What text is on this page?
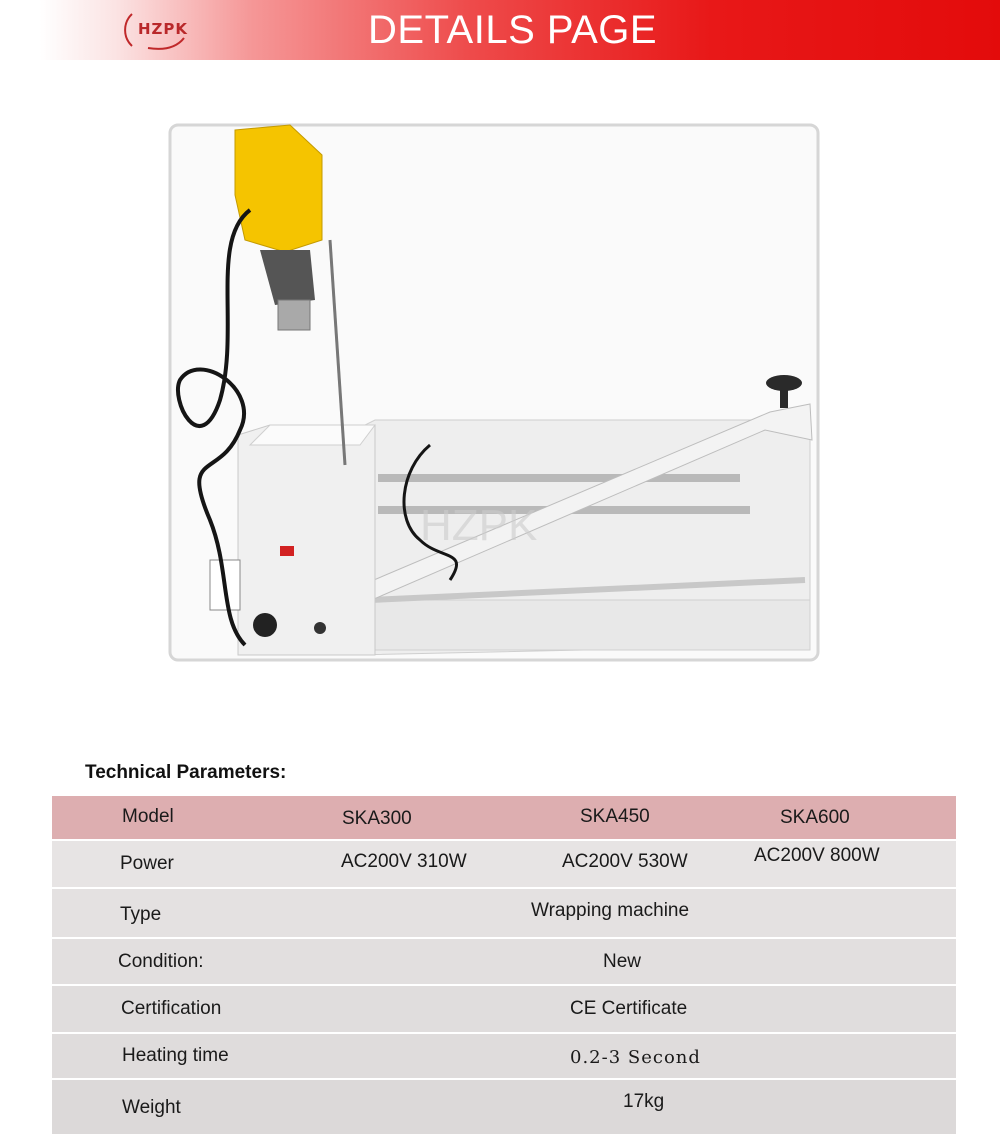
HZPK	DETAILS PAGE
HZPK
Technical Parameters:
Model	SKA300	SKA450	SKA600
Power	AC200V 310W	AC200V 530W	AC200V 800W
Type	Wrapping machine
Condition:	New
Certification	CE Certificate
Heating time	0.2-3 Second
Weight	17kg
